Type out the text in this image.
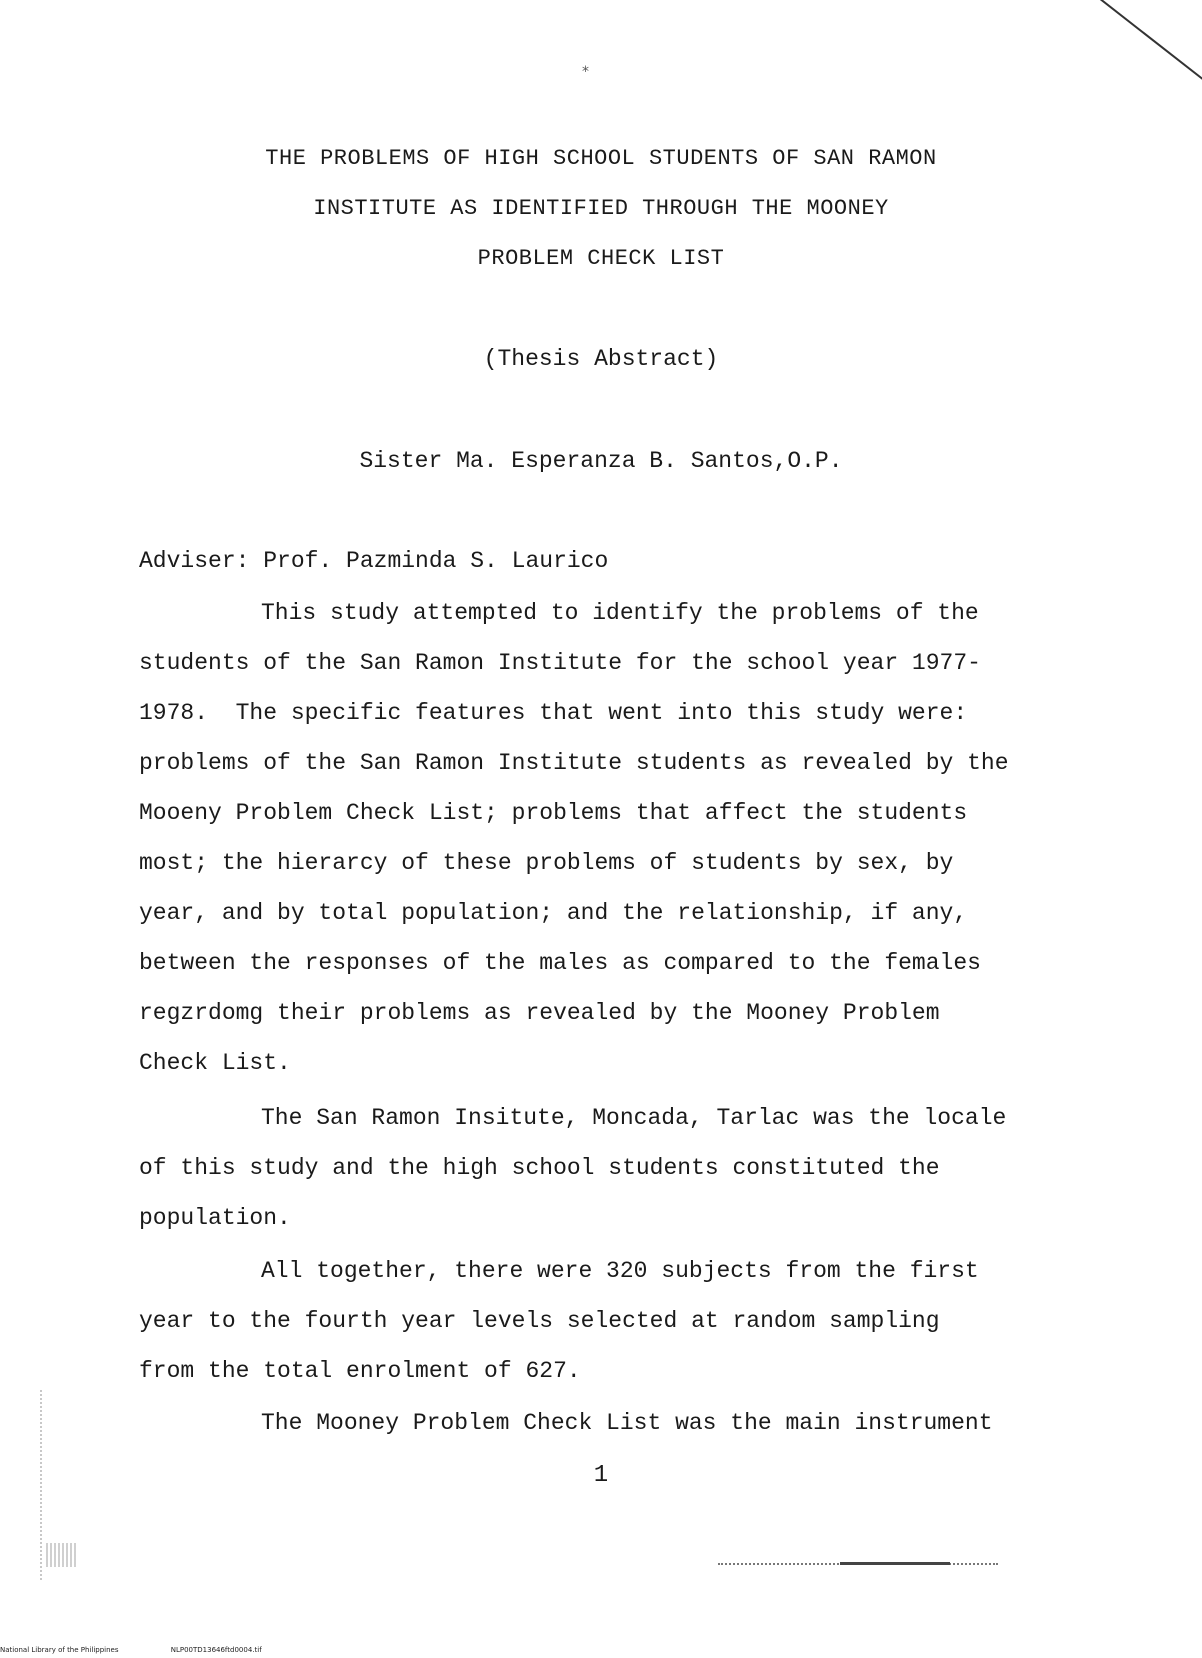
*
THE PROBLEMS OF HIGH SCHOOL STUDENTS OF SAN RAMON
INSTITUTE AS IDENTIFIED THROUGH THE MOONEY
PROBLEM CHECK LIST
(Thesis Abstract)
Sister Ma. Esperanza B. Santos,O.P.
Adviser: Prof. Pazminda S. Laurico
This study attempted to identify the problems of the
students of the San Ramon Institute for the school year 1977-
1978.  The specific features that went into this study were:
problems of the San Ramon Institute students as revealed by the
Mooeny Problem Check List; problems that affect the students
most; the hierarcy of these problems of students by sex, by
year, and by total population; and the relationship, if any,
between the responses of the males as compared to the females
regzrdomg their problems as revealed by the Mooney Problem
Check List.
The San Ramon Insitute, Moncada, Tarlac was the locale
of this study and the high school students constituted the
population.
All together, there were 320 subjects from the first
year to the fourth year levels selected at random sampling
from the total enrolment of 627.
The Mooney Problem Check List was the main instrument
1
National Library of the Philippines	NLP00TD13646ftd0004.tif
